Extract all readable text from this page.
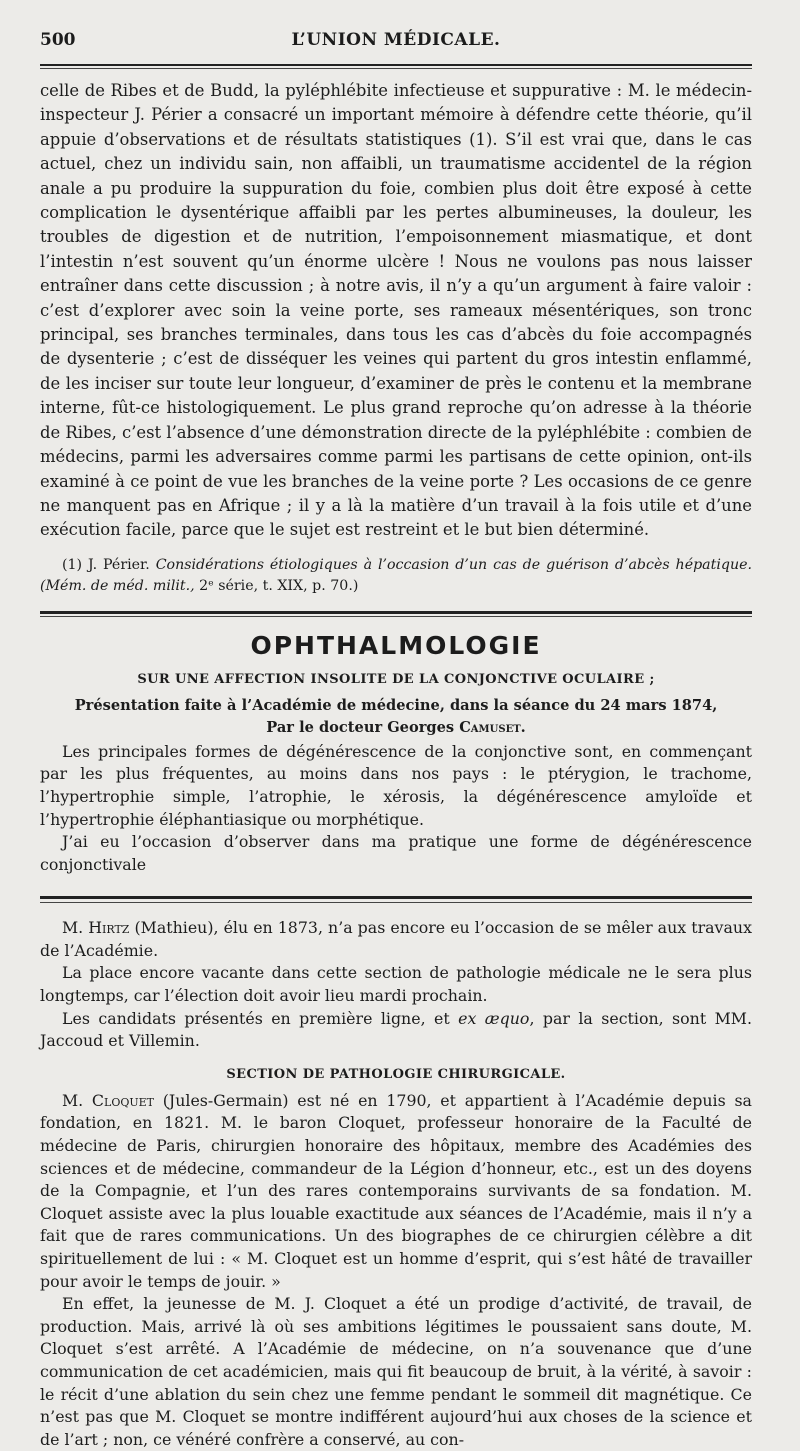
500	L’UNION MÉDICALE.

celle de Ribes et de Budd, la pyléphlébite infectieuse et suppurative : M. le médecin-inspecteur J. Périer a consacré un important mémoire à défendre cette théorie, qu’il appuie d’observations et de résultats statistiques (1). S’il est vrai que, dans le cas actuel, chez un individu sain, non affaibli, un traumatisme accidentel de la région anale a pu produire la suppuration du foie, combien plus doit être exposé à cette complication le dysentérique affaibli par les pertes albumineuses, la douleur, les troubles de digestion et de nutrition, l’empoisonnement miasmatique, et dont l’intestin n’est souvent qu’un énorme ulcère ! Nous ne voulons pas nous laisser entraîner dans cette discussion ; à notre avis, il n’y a qu’un argument à faire valoir : c’est d’explorer avec soin la veine porte, ses rameaux mésentériques, son tronc principal, ses branches terminales, dans tous les cas d’abcès du foie accompagnés de dysenterie ; c’est de disséquer les veines qui partent du gros intestin enflammé, de les inciser sur toute leur longueur, d’examiner de près le contenu et la membrane interne, fût-ce histologiquement. Le plus grand reproche qu’on adresse à la théorie de Ribes, c’est l’absence d’une démonstration directe de la pyléphlébite : combien de médecins, parmi les adversaires comme parmi les partisans de cette opinion, ont-ils examiné à ce point de vue les branches de la veine porte ? Les occasions de ce genre ne manquent pas en Afrique ; il y a là la matière d’un travail à la fois utile et d’une exécution facile, parce que le sujet est restreint et le but bien déterminé.

(1) J. Périer. Considérations étiologiques à l’occasion d’un cas de guérison d’abcès hépatique. (Mém. de méd. milit., 2ᵉ série, t. XIX, p. 70.)
OPHTHALMOLOGIE
SUR UNE AFFECTION INSOLITE DE LA CONJONCTIVE OCULAIRE ;
Présentation faite à l’Académie de médecine, dans la séance du 24 mars 1874,
Par le docteur Georges Camuset.

Les principales formes de dégénérescence de la conjonctive sont, en commençant par les plus fréquentes, au moins dans nos pays : le ptérygion, le trachome, l’hypertrophie simple, l’atrophie, le xérosis, la dégénérescence amyloïde et l’hypertrophie éléphantiasique ou morphétique.

J’ai eu l’occasion d’observer dans ma pratique une forme de dégénérescence conjonctivale

M. Hirtz (Mathieu), élu en 1873, n’a pas encore eu l’occasion de se mêler aux travaux de l’Académie.

La place encore vacante dans cette section de pathologie médicale ne le sera plus longtemps, car l’élection doit avoir lieu mardi prochain.

Les candidats présentés en première ligne, et ex æquo, par la section, sont MM. Jaccoud et Villemin.

SECTION DE PATHOLOGIE CHIRURGICALE.

M. Cloquet (Jules-Germain) est né en 1790, et appartient à l’Académie depuis sa fondation, en 1821. M. le baron Cloquet, professeur honoraire de la Faculté de médecine de Paris, chirurgien honoraire des hôpitaux, membre des Académies des sciences et de médecine, commandeur de la Légion d’honneur, etc., est un des doyens de la Compagnie, et l’un des rares contemporains survivants de sa fondation. M. Cloquet assiste avec la plus louable exactitude aux séances de l’Académie, mais il n’y a fait que de rares communications. Un des biographes de ce chirurgien célèbre a dit spirituellement de lui : « M. Cloquet est un homme d’esprit, qui s’est hâté de travailler pour avoir le temps de jouir. »

En effet, la jeunesse de M. J. Cloquet a été un prodige d’activité, de travail, de production. Mais, arrivé là où ses ambitions légitimes le poussaient sans doute, M. Cloquet s’est arrêté. A l’Académie de médecine, on n’a souvenance que d’une communication de cet académicien, mais qui fit beaucoup de bruit, à la vérité, à savoir : le récit d’une ablation du sein chez une femme pendant le sommeil dit magnétique. Ce n’est pas que M. Cloquet se montre indifférent aujourd’hui aux choses de la science et de l’art ; non, ce vénéré confrère a conservé, au con-
